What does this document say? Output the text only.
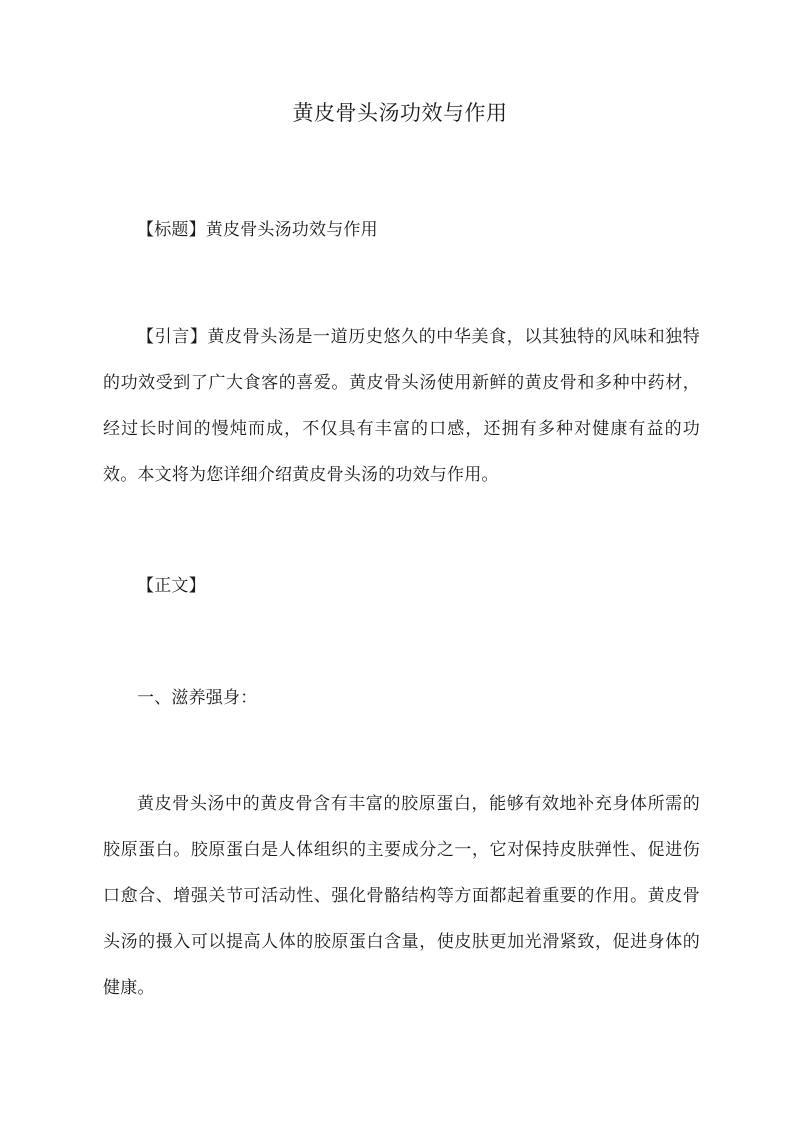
黄皮骨头汤功效与作用

【标题】黄皮骨头汤功效与作用

【引言】黄皮骨头汤是一道历史悠久的中华美食，以其独特的风味和独特的功效受到了广大食客的喜爱。黄皮骨头汤使用新鲜的黄皮骨和多种中药材，经过长时间的慢炖而成，不仅具有丰富的口感，还拥有多种对健康有益的功效。本文将为您详细介绍黄皮骨头汤的功效与作用。

【正文】

一、滋养强身：

黄皮骨头汤中的黄皮骨含有丰富的胶原蛋白，能够有效地补充身体所需的胶原蛋白。胶原蛋白是人体组织的主要成分之一，它对保持皮肤弹性、促进伤口愈合、增强关节可活动性、强化骨骼结构等方面都起着重要的作用。黄皮骨头汤的摄入可以提高人体的胶原蛋白含量，使皮肤更加光滑紧致，促进身体的健康。
